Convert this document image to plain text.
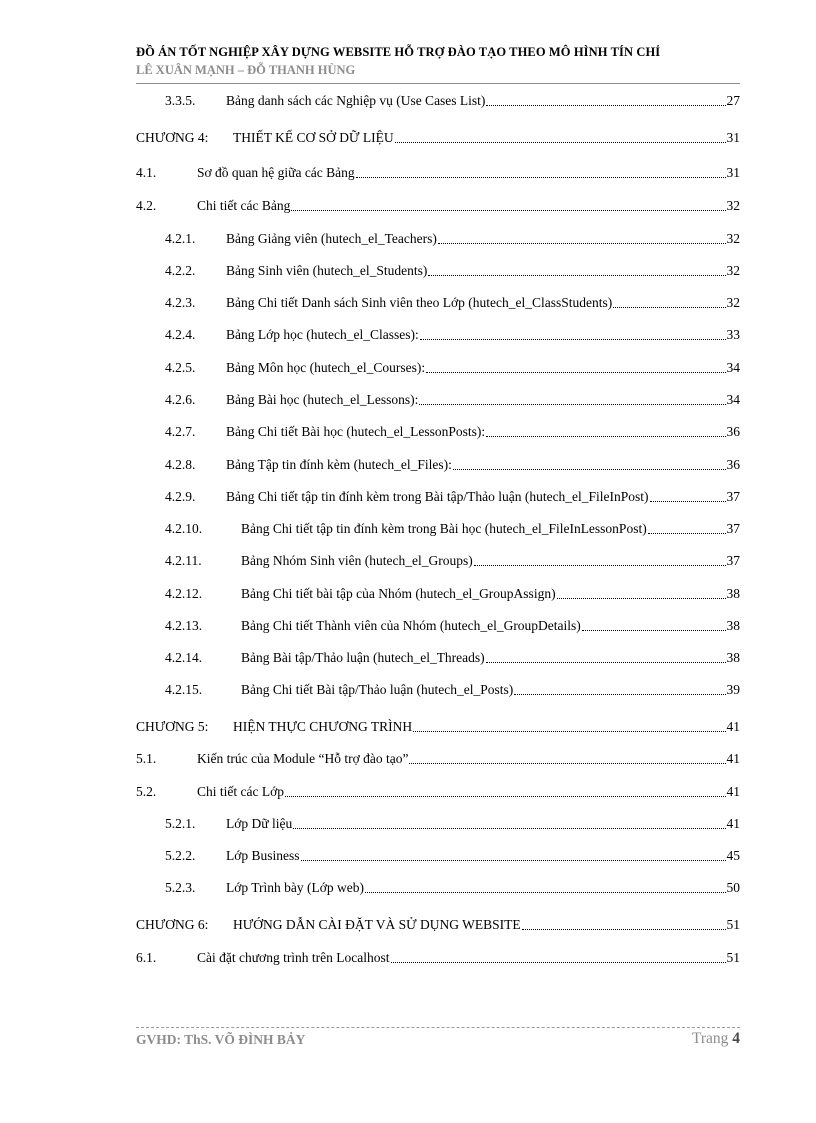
ĐỒ ÁN TỐT NGHIỆP XÂY DỰNG WEBSITE HỖ TRỢ ĐÀO TẠO THEO MÔ HÌNH TÍN CHỈ
LÊ XUÂN MẠNH – ĐỖ THANH HÙNG
3.3.5.	Bảng danh sách các Nghiệp vụ (Use Cases List)	27
CHƯƠNG 4:	THIẾT KẾ CƠ SỞ DỮ LIỆU	31
4.1.	Sơ đồ quan hệ giữa các Bảng	31
4.2.	Chi tiết các Bảng	32
4.2.1.	Bảng Giảng viên (hutech_el_Teachers)	32
4.2.2.	Bảng Sinh viên (hutech_el_Students)	32
4.2.3.	Bảng Chi tiết Danh sách Sinh viên theo Lớp (hutech_el_ClassStudents)	32
4.2.4.	Bảng Lớp học (hutech_el_Classes):	33
4.2.5.	Bảng Môn học (hutech_el_Courses):	34
4.2.6.	Bảng Bài học (hutech_el_Lessons):	34
4.2.7.	Bảng Chi tiết Bài học (hutech_el_LessonPosts):	36
4.2.8.	Bảng Tập tin đính kèm (hutech_el_Files):	36
4.2.9.	Bảng Chi tiết tập tin đính kèm trong Bài tập/Thảo luận (hutech_el_FileInPost)	37
4.2.10.	Bảng Chi tiết tập tin đính kèm trong Bài học (hutech_el_FileInLessonPost)	37
4.2.11.	Bảng Nhóm Sinh viên (hutech_el_Groups)	37
4.2.12.	Bảng Chi tiết bài tập của Nhóm (hutech_el_GroupAssign)	38
4.2.13.	Bảng Chi tiết Thành viên của Nhóm (hutech_el_GroupDetails)	38
4.2.14.	Bảng Bài tập/Thảo luận (hutech_el_Threads)	38
4.2.15.	Bảng Chi tiết Bài tập/Thảo luận (hutech_el_Posts)	39
CHƯƠNG 5:	HIỆN THỰC CHƯƠNG TRÌNH	41
5.1.	Kiến trúc của Module “Hỗ trợ đào tạo”	41
5.2.	Chi tiết các Lớp	41
5.2.1.	Lớp Dữ liệu	41
5.2.2.	Lớp Business	45
5.2.3.	Lớp Trình bày (Lớp web)	50
CHƯƠNG 6:	HƯỚNG DẪN CÀI ĐẶT VÀ SỬ DỤNG WEBSITE	51
6.1.	Cài đặt chương trình trên Localhost	51
GVHD: ThS. VÕ ĐÌNH BẢY	Trang 4
